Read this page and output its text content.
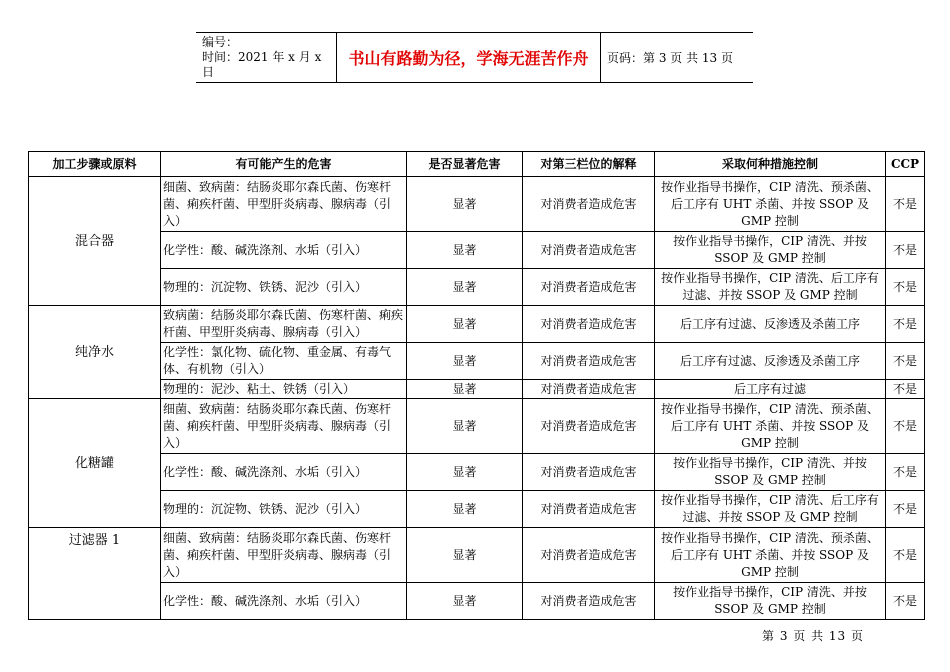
编号：
时间：2021 年 x 月 x 日
书山有路勤为径，学海无涯苦作舟	页码：第 3 页 共 13 页
加工步骤或原料	有可能产生的危害	是否显著危害	对第三栏位的解释	采取何种措施控制	CCP
混合器	细菌、致病菌：结肠炎耶尔森氏菌、伤寒杆菌、痢疾杆菌、甲型肝炎病毒、腺病毒（引入）	显著	对消费者造成危害	按作业指导书操作，CIP 清洗、预杀菌、后工序有 UHT 杀菌、并按 SSOP 及 GMP 控制	不是
	化学性：酸、碱洗涤剂、水垢（引入）	显著	对消费者造成危害	按作业指导书操作，CIP 清洗、并按 SSOP 及 GMP 控制	不是
	物理的：沉淀物、铁锈、泥沙（引入）	显著	对消费者造成危害	按作业指导书操作，CIP 清洗、后工序有过滤、并按 SSOP 及 GMP 控制	不是
纯净水	致病菌：结肠炎耶尔森氏菌、伤寒杆菌、痢疾杆菌、甲型肝炎病毒、腺病毒（引入）	显著	对消费者造成危害	后工序有过滤、反渗透及杀菌工序	不是
	化学性：氯化物、硫化物、重金属、有毒气体、有机物（引入）	显著	对消费者造成危害	后工序有过滤、反渗透及杀菌工序	不是
	物理的：泥沙、粘土、铁锈（引入）	显著	对消费者造成危害	后工序有过滤	不是
化糖罐	细菌、致病菌：结肠炎耶尔森氏菌、伤寒杆菌、痢疾杆菌、甲型肝炎病毒、腺病毒（引入）	显著	对消费者造成危害	按作业指导书操作，CIP 清洗、预杀菌、后工序有 UHT 杀菌、并按 SSOP 及 GMP 控制	不是
	化学性：酸、碱洗涤剂、水垢（引入）	显著	对消费者造成危害	按作业指导书操作，CIP 清洗、并按 SSOP 及 GMP 控制	不是
	物理的：沉淀物、铁锈、泥沙（引入）	显著	对消费者造成危害	按作业指导书操作，CIP 清洗、后工序有过滤、并按 SSOP 及 GMP 控制	不是
过滤器 1	细菌、致病菌：结肠炎耶尔森氏菌、伤寒杆菌、痢疾杆菌、甲型肝炎病毒、腺病毒（引入）	显著	对消费者造成危害	按作业指导书操作，CIP 清洗、预杀菌、后工序有 UHT 杀菌、并按 SSOP 及 GMP 控制	不是
	化学性：酸、碱洗涤剂、水垢（引入）	显著	对消费者造成危害	按作业指导书操作，CIP 清洗、并按 SSOP 及 GMP 控制	不是
第 3 页 共 13 页
